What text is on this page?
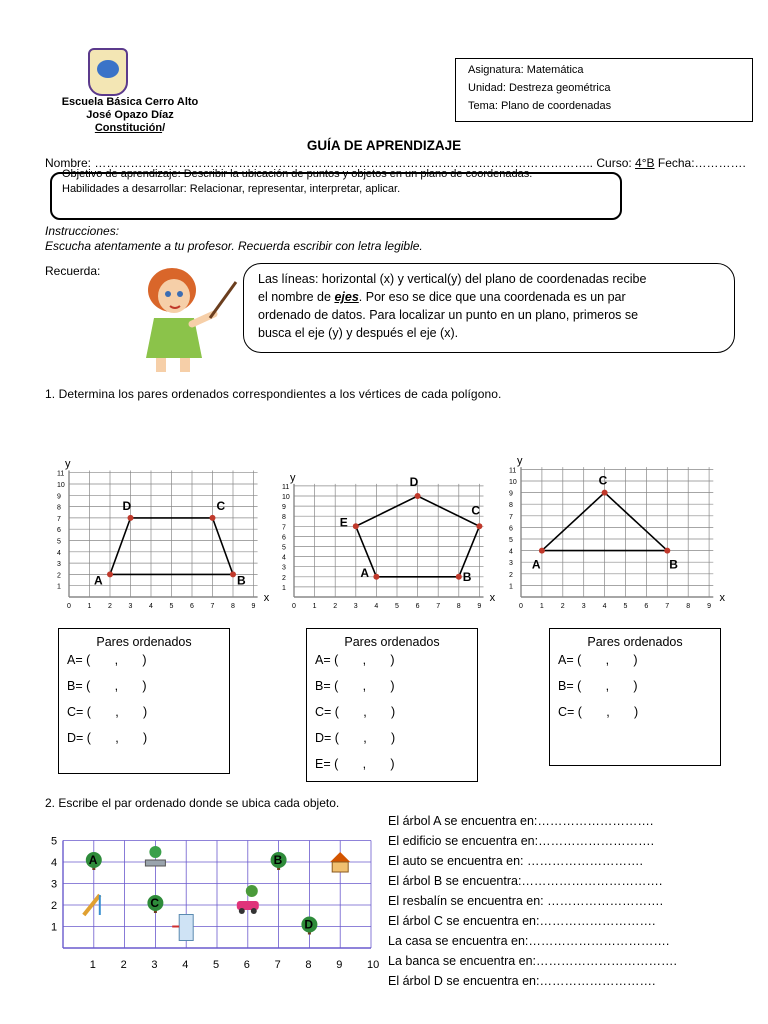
Escuela Básica Cerro Alto
José Opazo Díaz
Constitución/
Asignatura: Matemática
Unidad: Destreza geométrica
Tema: Plano de coordenadas
GUÍA DE APRENDIZAJE
Nombre: …………………………………………………………………………………………………………….. Curso: 4°B Fecha:………….
Objetivo de aprendizaje: Describir la ubicación de puntos y objetos en un plano de coordenadas.
Habilidades a desarrollar: Relacionar, representar, interpretar, aplicar.
Instrucciones:
Escucha atentamente a tu profesor. Recuerda escribir con letra legible.
Recuerda:
Las líneas: horizontal (x) y vertical(y) del plano de coordenadas recibe
el nombre de ejes. Por eso se dice que una coordenada es un par
ordenado de datos. Para localizar un punto en un plano, primeros se
busca el eje (y) y después el eje (x).
1. Determina los pares ordenados correspondientes a los vértices de cada polígono.
0 1 2 3 4 5 6 7 8 9
1
2
3
4
5
6
7
8
9
10
11
y
x
A	B
C
D
0 1 2 3 4 5 6 7 8 9
1
2
3
4
5
6
7
8
9
10
11
y
x
A	B
C
D
E
0 1 2 3 4 5 6 7 8 9
1
2
3
4
5
6
7
8
9
10
11
y
x
A	B
C
Pares ordenados
A= (       ,       )
B= (       ,       )
C= (       ,       )
D= (       ,       )
Pares ordenados
A= (       ,       )
B= (       ,       )
C= (       ,       )
D= (       ,       )
E= (       ,       )
Pares ordenados
A= (       ,       )
B= (       ,       )
C= (       ,       )
2. Escribe el par ordenado donde se ubica cada objeto.
1 2 3 4 5 6 7 8 9 10
1
2
3
4
5
A	B
C
D
El árbol A se encuentra en:……………………….
El edificio se encuentra en:……………………….
El auto se encuentra en: ……………………….
El árbol B se encuentra:…………………………….
El resbalín se encuentra en: ……………………….
El árbol C se encuentra en:……………………….
La casa se encuentra en:…………………………….
La banca se encuentra en:…………………………….
El árbol D se encuentra en:……………………….
